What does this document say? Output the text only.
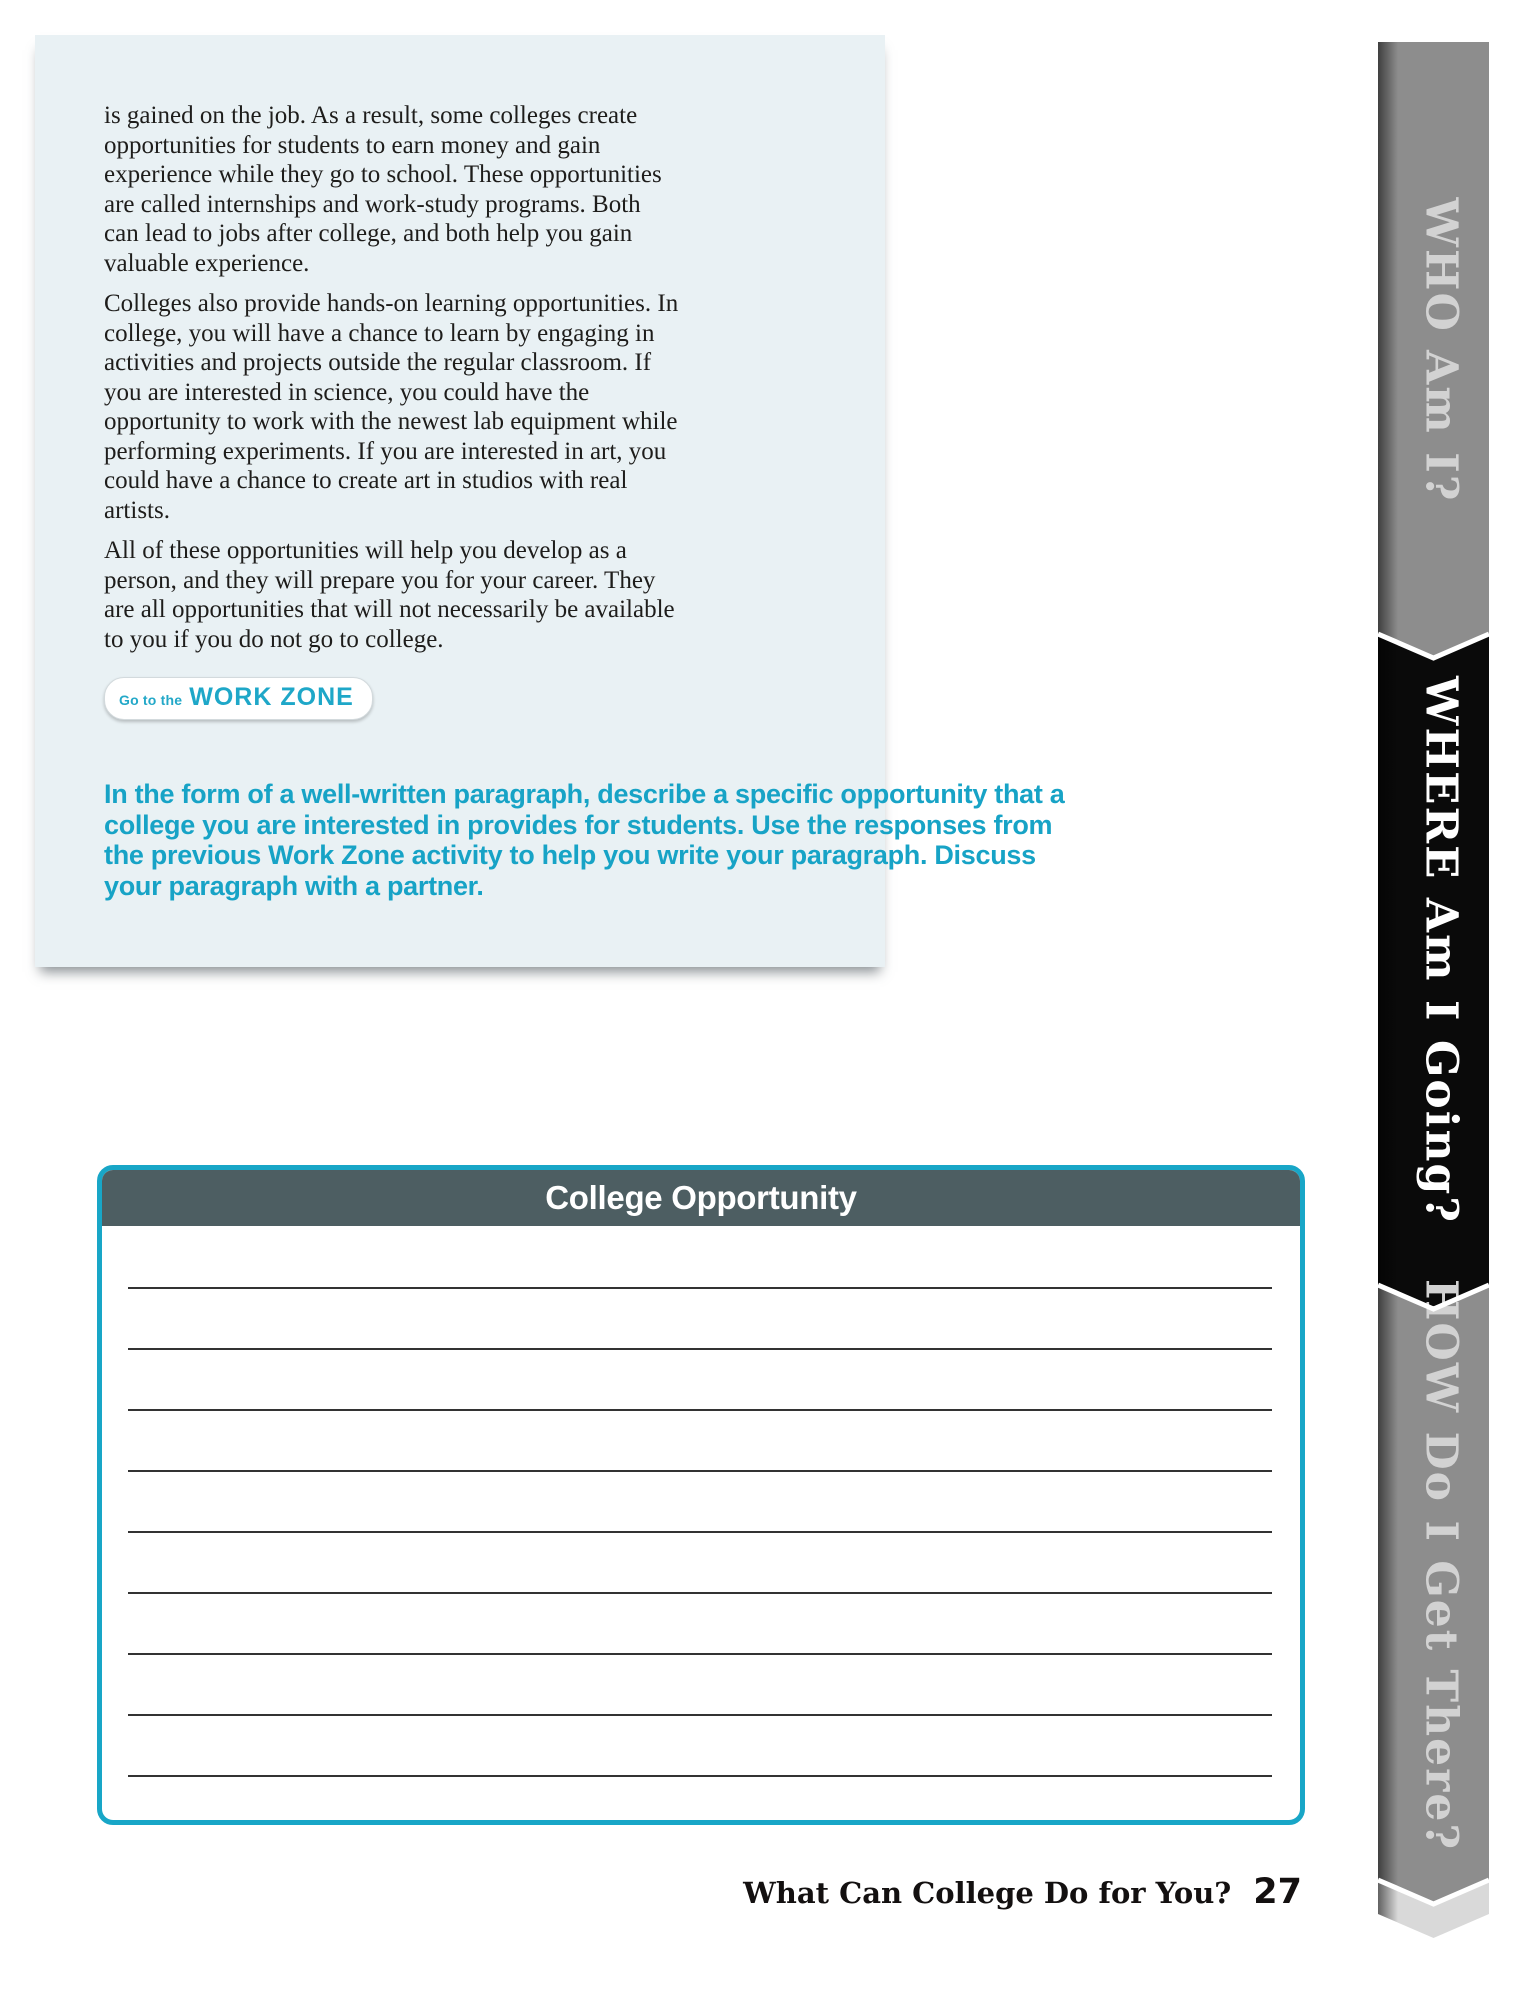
is gained on the job. As a result, some colleges create opportunities for students to earn money and gain experience while they go to school. These opportunities are called internships and work-study programs. Both can lead to jobs after college, and both help you gain valuable experience.

Colleges also provide hands-on learning opportunities. In college, you will have a chance to learn by engaging in activities and projects outside the regular classroom. If you are interested in science, you could have the opportunity to work with the newest lab equipment while performing experiments. If you are interested in art, you could have a chance to create art in studios with real artists.

All of these opportunities will help you develop as a person, and they will prepare you for your career. They are all opportunities that will not necessarily be available to you if you do not go to college.

Go to the WORK ZONE

In the form of a well-written paragraph, describe a specific opportunity that a college you are interested in provides for students. Use the responses from the previous Work Zone activity to help you write your paragraph. Discuss your paragraph with a partner.

College Opportunity
What Can College Do for You? 27
WHO Am I?
WHERE Am I Going?
HOW Do I Get There?
